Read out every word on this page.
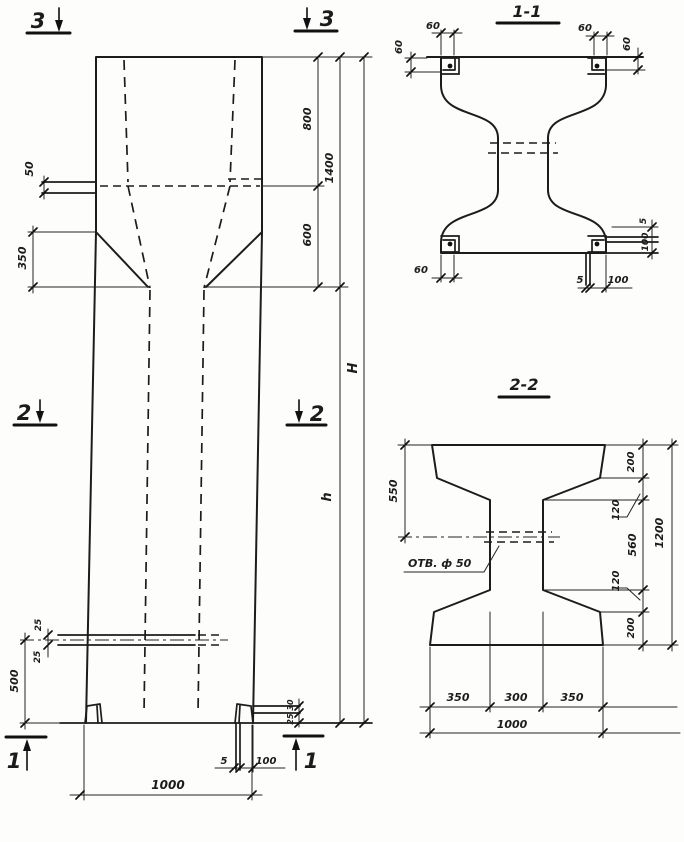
3	3
2	2
1	1
50
350
800
1400
600
H
h
25
25
500
30
25
5	100
1000
1-1
60	60
60	60
60
5 100
5
100
2-2
ОТВ. ф 50
550
200
120
560
120
200
1200
350	300	350
1000
